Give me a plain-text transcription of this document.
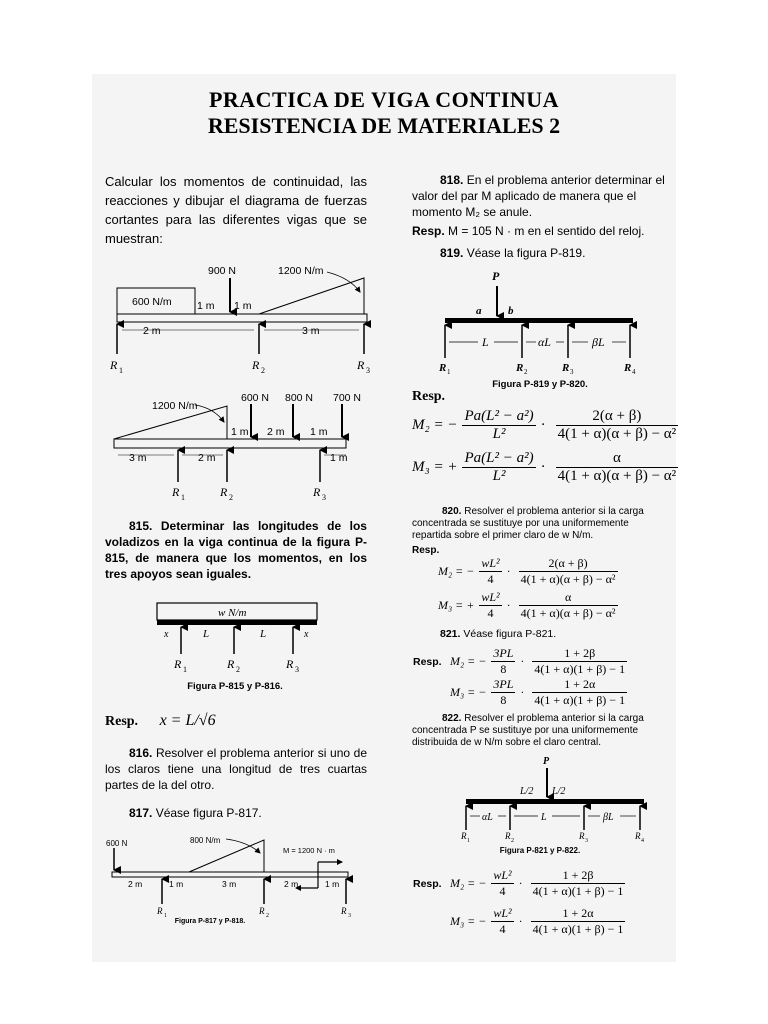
PRACTICA DE VIGA CONTINUA
RESISTENCIA DE MATERIALES 2
Calcular los momentos de continuidad, las reacciones y dibujar el diagrama de fuerzas cortantes para las diferentes vigas que se muestran:
815. Determinar las longitudes de los voladizos en la viga continua de la figura P-815, de manera que los momentos, en los tres apoyos sean iguales.
Resp. x = L/√6
816. Resolver el problema anterior si uno de los claros tiene una longitud de tres cuartas partes de la del otro.
817. Véase figura P-817.
818. En el problema anterior determinar el valor del par M aplicado de manera que el momento M₂ se anule.
Resp. M = 105 N · m en el sentido del reloj.
819. Véase la figura P-819.
Resp.
820. Resolver el problema anterior si la carga concentrada se sustituye por una uniformemente repartida sobre el primer claro de w N/m.
Resp.
821. Véase figura P-821.
Resp.
822. Resolver el problema anterior si la carga concentrada P se sustituye por una uniformemente distribuida de w N/m sobre el claro central.
Resp.
Figura P-815 y P-816.
Figura P-817 y P-818.
Figura P-819 y P-820.
Figura P-821 y P-822.
M₂ = − $\frac{\text{Pa(L² − a²)}}{\text{L²}} \cdot \frac{2(\alpha + \beta)}{\text{4(1 + α)(α + β) − α²}}$
M₃ = + $\frac{\text{Pa(L² − a²)}}{\text{L²}} \cdot \frac{\alpha}{\text{4(1 + α)(α + β) − α²}}$
M₂ = − $\frac{\text{wL²}}{4} \cdot \frac{2(\alpha + \beta)}{\text{4(1 + α)(α + β) − α²}}$
M₃ = + $\frac{\text{wL²}}{4} \cdot \frac{\alpha}{\text{4(1 + α)(α + β) − α²}}$
M₂ = − $\frac{3PL}{8} \cdot \frac{1 + 2\beta}{4(1 + \alpha)(1 + \beta) - 1}$
M₃ = − $\frac{3PL}{8} \cdot \frac{1 + 2\alpha}{4(1 + \alpha)(1 + \beta) - 1}$
M₂ = − $\frac{\text{wL²}}{4} \cdot \frac{1 + 2\beta}{4(1 + \alpha)(1 + \beta) - 1}$
M₃ = − $\frac{\text{wL²}}{4} \cdot \frac{1 + 2\alpha}{4(1 + \alpha)(1 + \beta) - 1}$
900 N	1200 N/m
600 N/m 1 m 1 m
2 m	3 m
R 1	R 2	R 3
1200 N/m
600 N 800 N 700 N
1 m 2 m 1 m
3 m	2 m	1 m
R 1	R 2	R 3
w N/m
x	L	L	x
R 1	R 2	R 3
600 N	800 N/m
M = 1200 N · m
2 m	1 m	3 m	2 m	1 m
R 1	R 2	R 3
P
a b
L	αL	βL
R 1	R 2	R 3	R 4
P
L/2 L/2
αL	L	βL
R 1	R 2	R 3	R 4
